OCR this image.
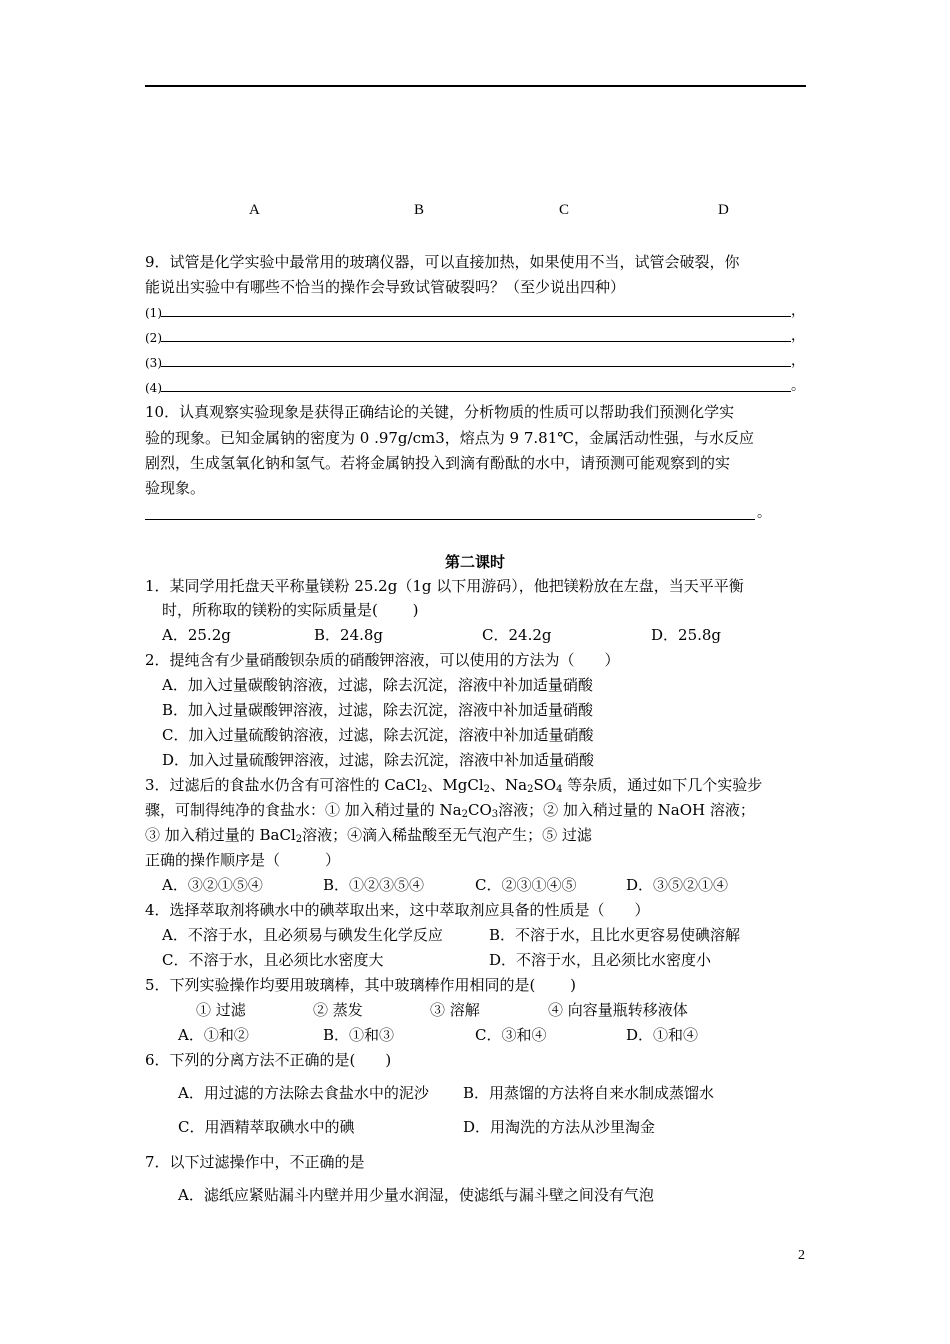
A	B	C	D
9．试管是化学实验中最常用的玻璃仪器，可以直接加热，如果使用不当，试管会破裂，你
能说出实验中有哪些不恰当的操作会导致试管破裂吗？（至少说出四种）
(1)	，
(2)	，
(3)	，
(4)	。
10．认真观察实验现象是获得正确结论的关键，分析物质的性质可以帮助我们预测化学实
验的现象。已知金属钠的密度为 0 .97g/cm3，熔点为 9 7.81℃，金属活动性强，与水反应
剧烈，生成氢氧化钠和氢气。若将金属钠投入到滴有酚酞的水中，请预测可能观察到的实
验现象。
。
第二课时
1．某同学用托盘天平称量镁粉 25.2g（1g 以下用游码），他把镁粉放在左盘，当天平平衡
时，所称取的镁粉的实际质量是(　　 )
A．25.2g	B．24.8g	C．24.2g	D．25.8g
2．提纯含有少量硝酸钡杂质的硝酸钾溶液，可以使用的方法为（　　）
A．加入过量碳酸钠溶液，过滤，除去沉淀，溶液中补加适量硝酸
B．加入过量碳酸钾溶液，过滤，除去沉淀，溶液中补加适量硝酸
C．加入过量硫酸钠溶液，过滤，除去沉淀，溶液中补加适量硝酸
D．加入过量硫酸钾溶液，过滤，除去沉淀，溶液中补加适量硝酸
3．过滤后的食盐水仍含有可溶性的 CaCl$_2$、MgCl$_2$、$Na_2SO_4$ 等杂质，通过如下几个实验步
骤，可制得纯净的食盐水：① 加入稍过量的 $Na_2CO_3$溶液；② 加入稍过量的 NaOH 溶液；
③ 加入稍过量的 BaCl$_2$溶液；④滴入稀盐酸至无气泡产生；⑤ 过滤
正确的操作顺序是（　　　）
A．③②①⑤④	B．①②③⑤④	C．②③①④⑤	D．③⑤②①④
4．选择萃取剂将碘水中的碘萃取出来，这中萃取剂应具备的性质是（　　）
A．不溶于水，且必须易与碘发生化学反应	B．不溶于水，且比水更容易使碘溶解
C．不溶于水，且必须比水密度大	D．不溶于水，且必须比水密度小
5．下列实验操作均要用玻璃棒，其中玻璃棒作用相同的是(　　 )
① 过滤	② 蒸发	③ 溶解	④ 向容量瓶转移液体
A．①和②	B．①和③	C．③和④	D．①和④
6．下列的分离方法不正确的是(　　)
A．用过滤的方法除去食盐水中的泥沙 B．用蒸馏的方法将自来水制成蒸馏水
C．用酒精萃取碘水中的碘	D．用淘洗的方法从沙里淘金
7．以下过滤操作中，不正确的是
A．滤纸应紧贴漏斗内壁并用少量水润湿，使滤纸与漏斗壁之间没有气泡
2
